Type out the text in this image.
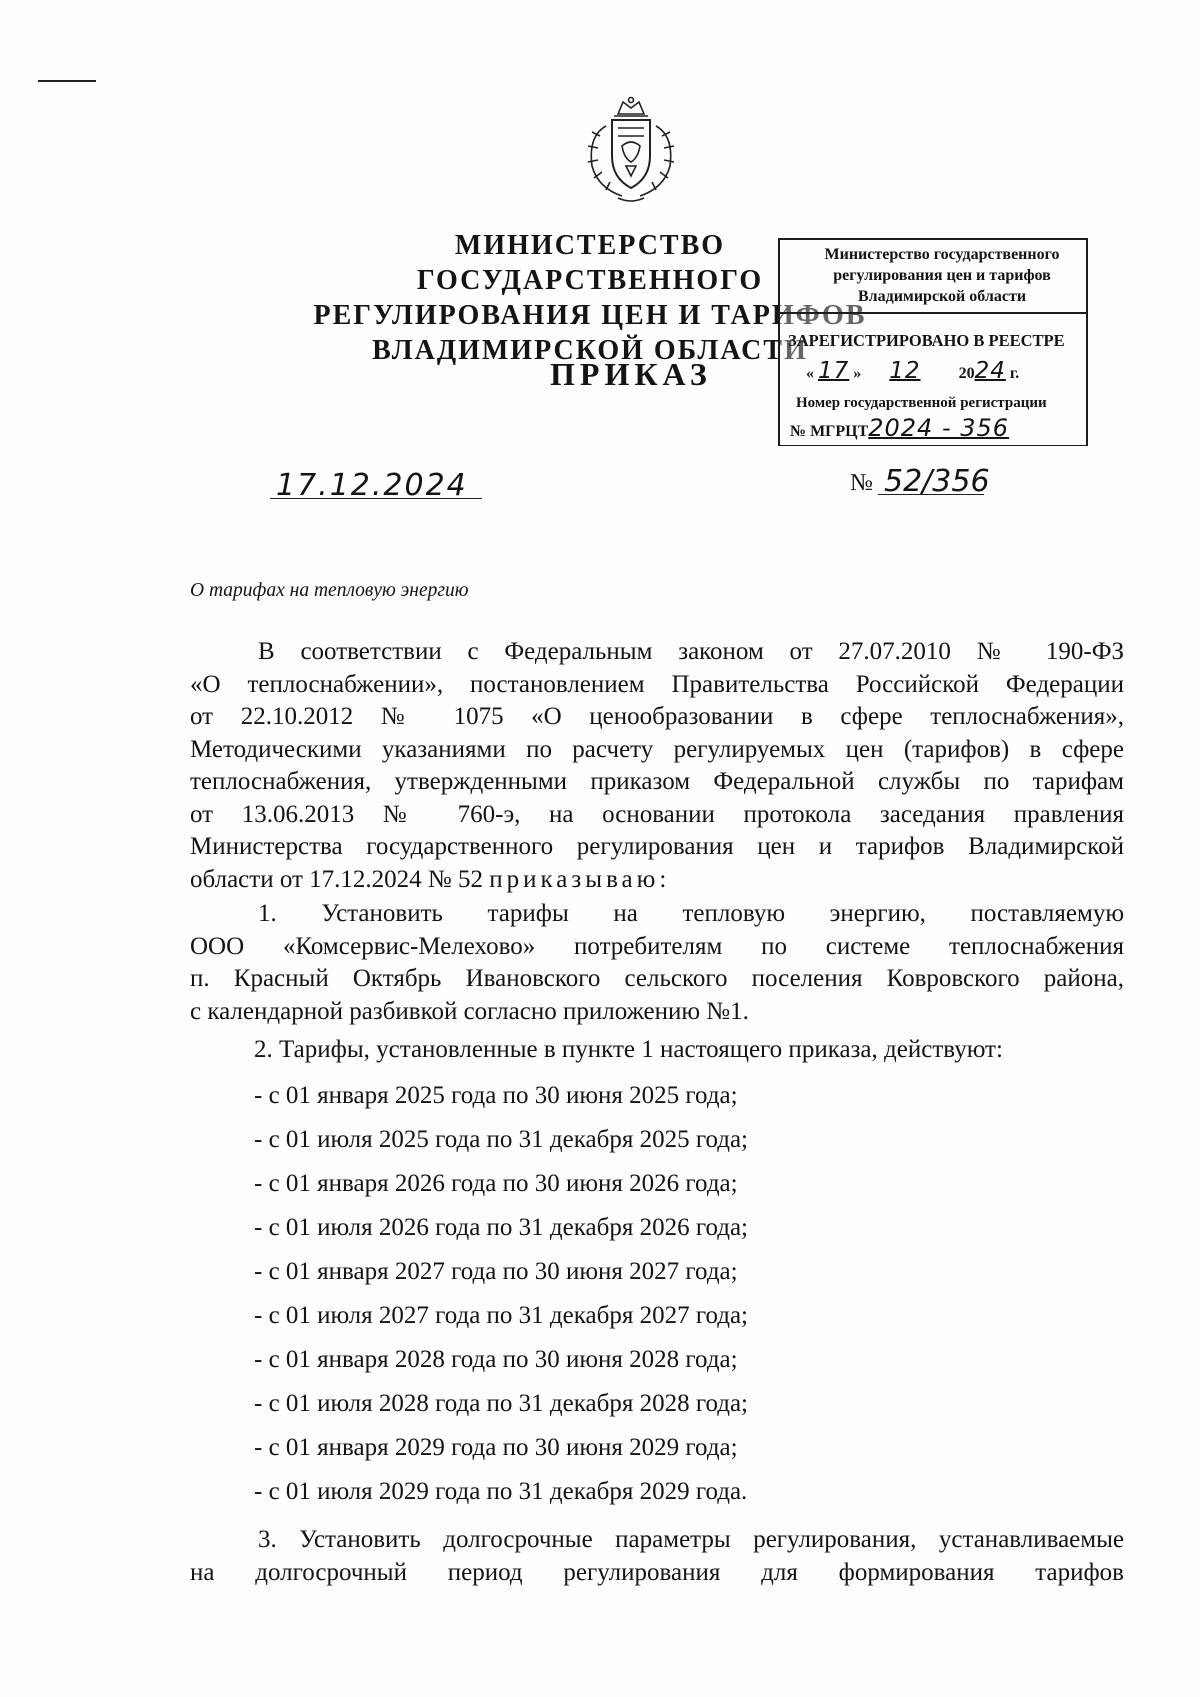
МИНИСТЕРСТВО ГОСУДАРСТВЕННОГО
РЕГУЛИРОВАНИЯ ЦЕН И ТАРИФОВ
ВЛАДИМИРСКОЙ ОБЛАСТИ
ПРИКАЗ
Министерство государственного
регулирования цен и тарифов
Владимирской области
ЗАРЕГИСТРИРОВАНО В РЕЕСТРЕ
« 17 » 12 2024 г.
Номер государственной регистрации
№ МГРЦТ2024 - 356
17.12.2024	№ 52/356
О тарифах на тепловую энергию
В соответствии с Федеральным законом от 27.07.2010 № 190-ФЗ
«О теплоснабжении», постановлением Правительства Российской Федерации
от 22.10.2012 № 1075 «О ценообразовании в сфере теплоснабжения»,
Методическими указаниями по расчету регулируемых цен (тарифов) в сфере
теплоснабжения, утвержденными приказом Федеральной службы по тарифам
от 13.06.2013 № 760-э, на основании протокола заседания правления
Министерства государственного регулирования цен и тарифов Владимирской
области от 17.12.2024 № 52 приказываю:
1. Установить тарифы на тепловую энергию, поставляемую
ООО «Комсервис-Мелехово» потребителям по системе теплоснабжения
п. Красный Октябрь Ивановского сельского поселения Ковровского района,
с календарной разбивкой согласно приложению №1.
2. Тарифы, установленные в пункте 1 настоящего приказа, действуют:
- с 01 января 2025 года по 30 июня 2025 года;
- с 01 июля 2025 года по 31 декабря 2025 года;
- с 01 января 2026 года по 30 июня 2026 года;
- с 01 июля 2026 года по 31 декабря 2026 года;
- с 01 января 2027 года по 30 июня 2027 года;
- с 01 июля 2027 года по 31 декабря 2027 года;
- с 01 января 2028 года по 30 июня 2028 года;
- с 01 июля 2028 года по 31 декабря 2028 года;
- с 01 января 2029 года по 30 июня 2029 года;
- с 01 июля 2029 года по 31 декабря 2029 года.
3. Установить долгосрочные параметры регулирования, устанавливаемые
на долгосрочный период регулирования для формирования тарифов
